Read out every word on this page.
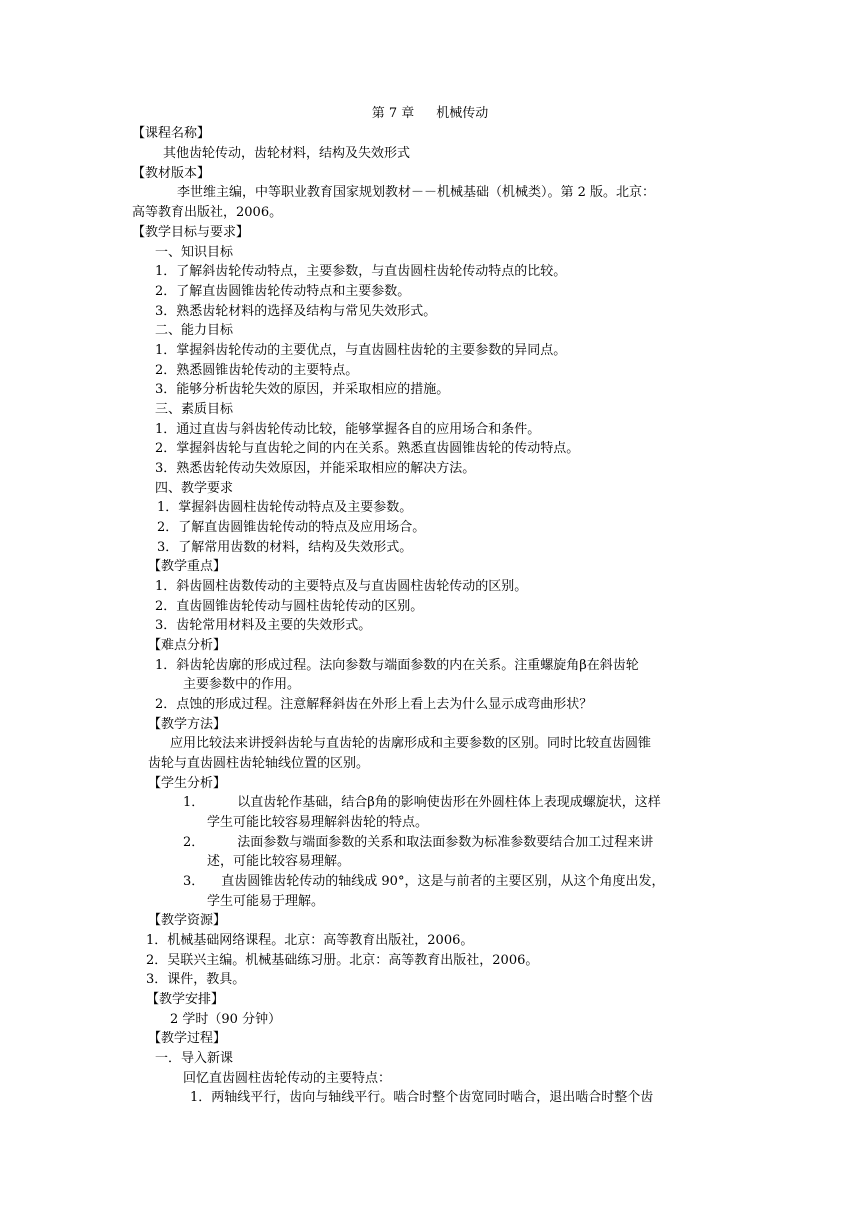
第 7 章 机械传动
【课程名称】
其他齿轮传动，齿轮材料，结构及失效形式
【教材版本】
李世维主编，中等职业教育国家规划教材－－机械基础（机械类）。第 2 版。北京：
高等教育出版社，2006。
【教学目标与要求】
一、知识目标
1．了解斜齿轮传动特点，主要参数，与直齿圆柱齿轮传动特点的比较。
2．了解直齿圆锥齿轮传动特点和主要参数。
3．熟悉齿轮材料的选择及结构与常见失效形式。
二、能力目标
1．掌握斜齿轮传动的主要优点，与直齿圆柱齿轮的主要参数的异同点。
2．熟悉圆锥齿轮传动的主要特点。
3．能够分析齿轮失效的原因，并采取相应的措施。
三、素质目标
1．通过直齿与斜齿轮传动比较，能够掌握各自的应用场合和条件。
2．掌握斜齿轮与直齿轮之间的内在关系。熟悉直齿圆锥齿轮的传动特点。
3．熟悉齿轮传动失效原因，并能采取相应的解决方法。
四、教学要求
1．掌握斜齿圆柱齿轮传动特点及主要参数。
2．了解直齿圆锥齿轮传动的特点及应用场合。
3．了解常用齿数的材料，结构及失效形式。
【教学重点】
1．斜齿圆柱齿数传动的主要特点及与直齿圆柱齿轮传动的区别。
2．直齿圆锥齿轮传动与圆柱齿轮传动的区别。
3．齿轮常用材料及主要的失效形式。
【难点分析】
1．斜齿轮齿廓的形成过程。法向参数与端面参数的内在关系。注重螺旋角β在斜齿轮
主要参数中的作用。
2．点蚀的形成过程。注意解释斜齿在外形上看上去为什么显示成弯曲形状？
【教学方法】
应用比较法来讲授斜齿轮与直齿轮的齿廓形成和主要参数的区别。同时比较直齿圆锥
齿轮与直齿圆柱齿轮轴线位置的区别。
【学生分析】
1．	以直齿轮作基础，结合β角的影响使齿形在外圆柱体上表现成螺旋状，这样
学生可能比较容易理解斜齿轮的特点。
2．	法面参数与端面参数的关系和取法面参数为标准参数要结合加工过程来讲
述，可能比较容易理解。
3． 直齿圆锥齿轮传动的轴线成 90°，这是与前者的主要区别，从这个角度出发，
学生可能易于理解。
【教学资源】
1．机械基础网络课程。北京：高等教育出版社，2006。
2．吴联兴主编。机械基础练习册。北京：高等教育出版社，2006。
3．课件，教具。
【教学安排】
2 学时（90 分钟）
【教学过程】
一．导入新课
回忆直齿圆柱齿轮传动的主要特点：
1．两轴线平行，齿向与轴线平行。啮合时整个齿宽同时啮合，退出啮合时整个齿
